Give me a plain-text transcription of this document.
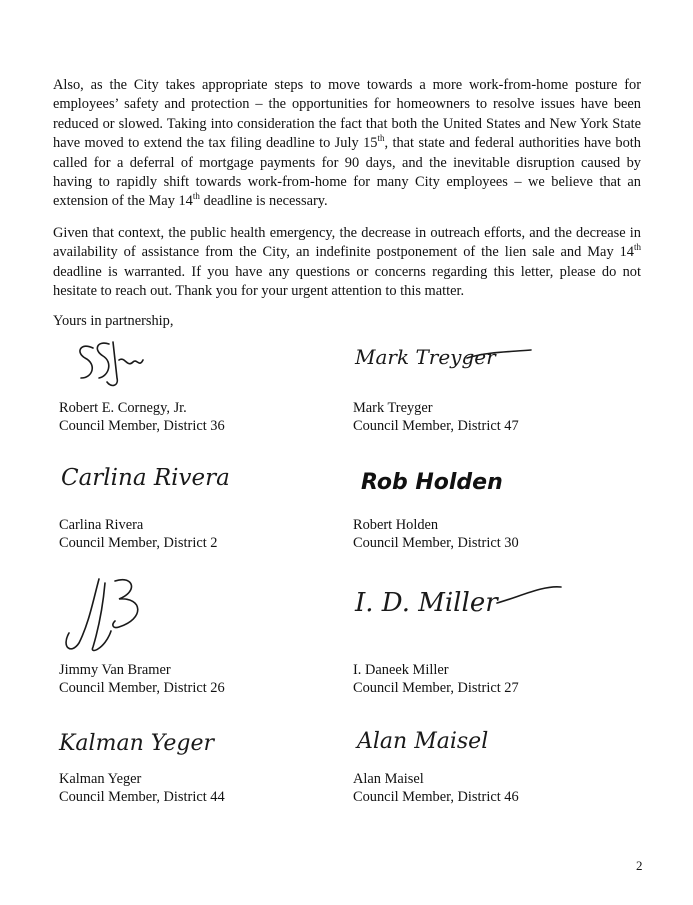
Also, as the City takes appropriate steps to move towards a more work-from-home posture for employees’ safety and protection – the opportunities for homeowners to resolve issues have been reduced or slowed. Taking into consideration the fact that both the United States and New York State have moved to extend the tax filing deadline to July 15th, that state and federal authorities have both called for a deferral of mortgage payments for 90 days, and the inevitable disruption caused by having to rapidly shift towards work-from-home for many City employees – we believe that an extension of the May 14th deadline is necessary.

Given that context, the public health emergency, the decrease in outreach efforts, and the decrease in availability of assistance from the City, an indefinite postponement of the lien sale and May 14th deadline is warranted. If you have any questions or concerns regarding this letter, please do not hesitate to reach out. Thank you for your urgent attention to this matter.

Yours in partnership,
Robert E. Cornegy, Jr.
Council Member, District 36
Mark Treyger
Mark Treyger
Council Member, District 47
Carlina Rivera
Carlina Rivera
Council Member, District 2
Rob Holden
Robert Holden
Council Member, District 30
Jimmy Van Bramer
Council Member, District 26
I. D. Miller
I. Daneek Miller
Council Member, District 27
Kalman Yeger
Kalman Yeger
Council Member, District 44
Alan Maisel
Alan Maisel
Council Member, District 46
2
